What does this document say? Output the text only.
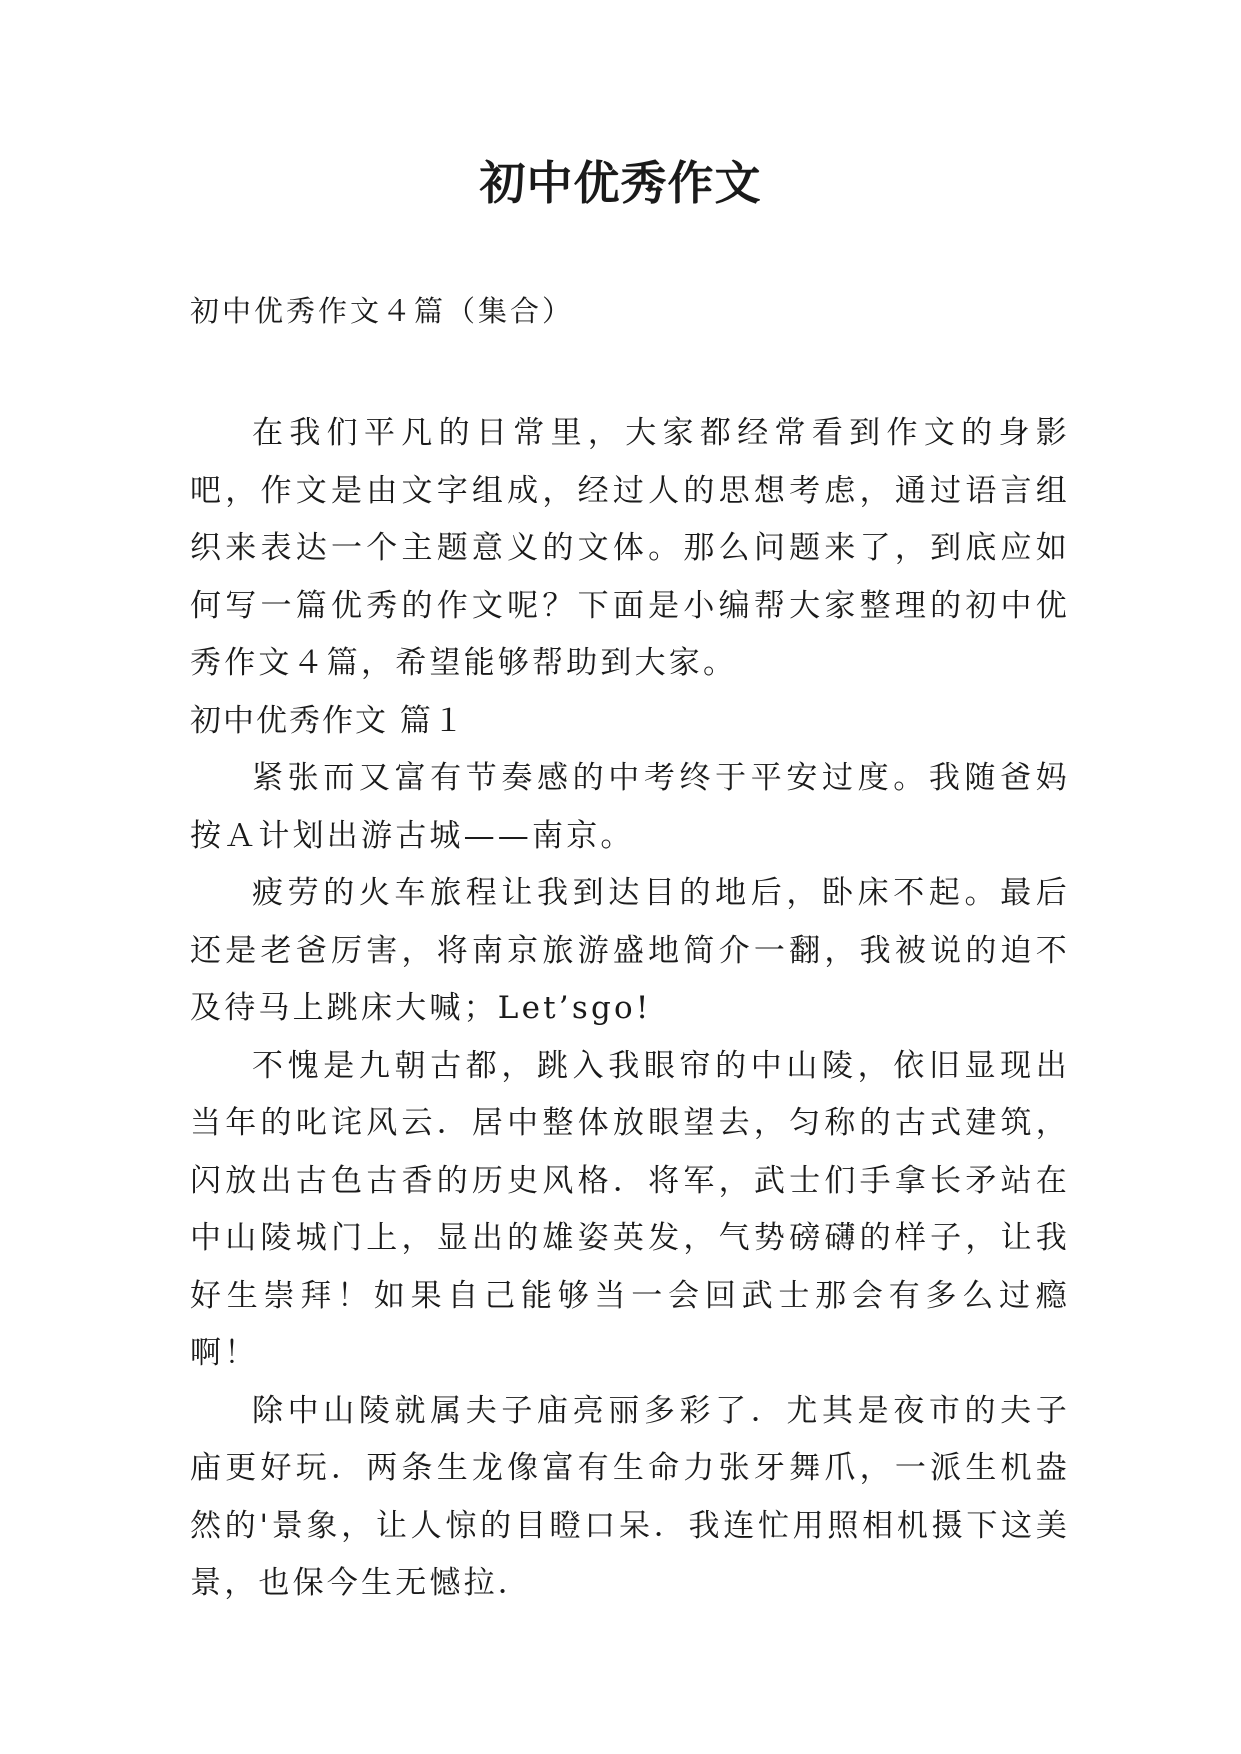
初中优秀作文
初中优秀作文４篇（集合）

在我们平凡的日常里，大家都经常看到作文的身影吧，作文是由文字组成，经过人的思想考虑，通过语言组织来表达一个主题意义的文体。那么问题来了，到底应如何写一篇优秀的作文呢？下面是小编帮大家整理的初中优秀作文４篇，希望能够帮助到大家。

初中优秀作文 篇１

紧张而又富有节奏感的中考终于平安过度。我随爸妈按Ａ计划出游古城——南京。

疲劳的火车旅程让我到达目的地后，卧床不起。最后还是老爸厉害，将南京旅游盛地简介一翻，我被说的迫不及待马上跳床大喊；Let’sgo!

不愧是九朝古都，跳入我眼帘的中山陵，依旧显现出当年的叱诧风云．居中整体放眼望去，匀称的古式建筑，闪放出古色古香的历史风格．将军，武士们手拿长矛站在中山陵城门上，显出的雄姿英发，气势磅礴的样子，让我好生崇拜！如果自己能够当一会回武士那会有多么过瘾啊！

除中山陵就属夫子庙亮丽多彩了．尤其是夜市的夫子庙更好玩．两条生龙像富有生命力张牙舞爪，一派生机盎然的'景象，让人惊的目瞪口呆．我连忙用照相机摄下这美景，也保今生无憾拉．
